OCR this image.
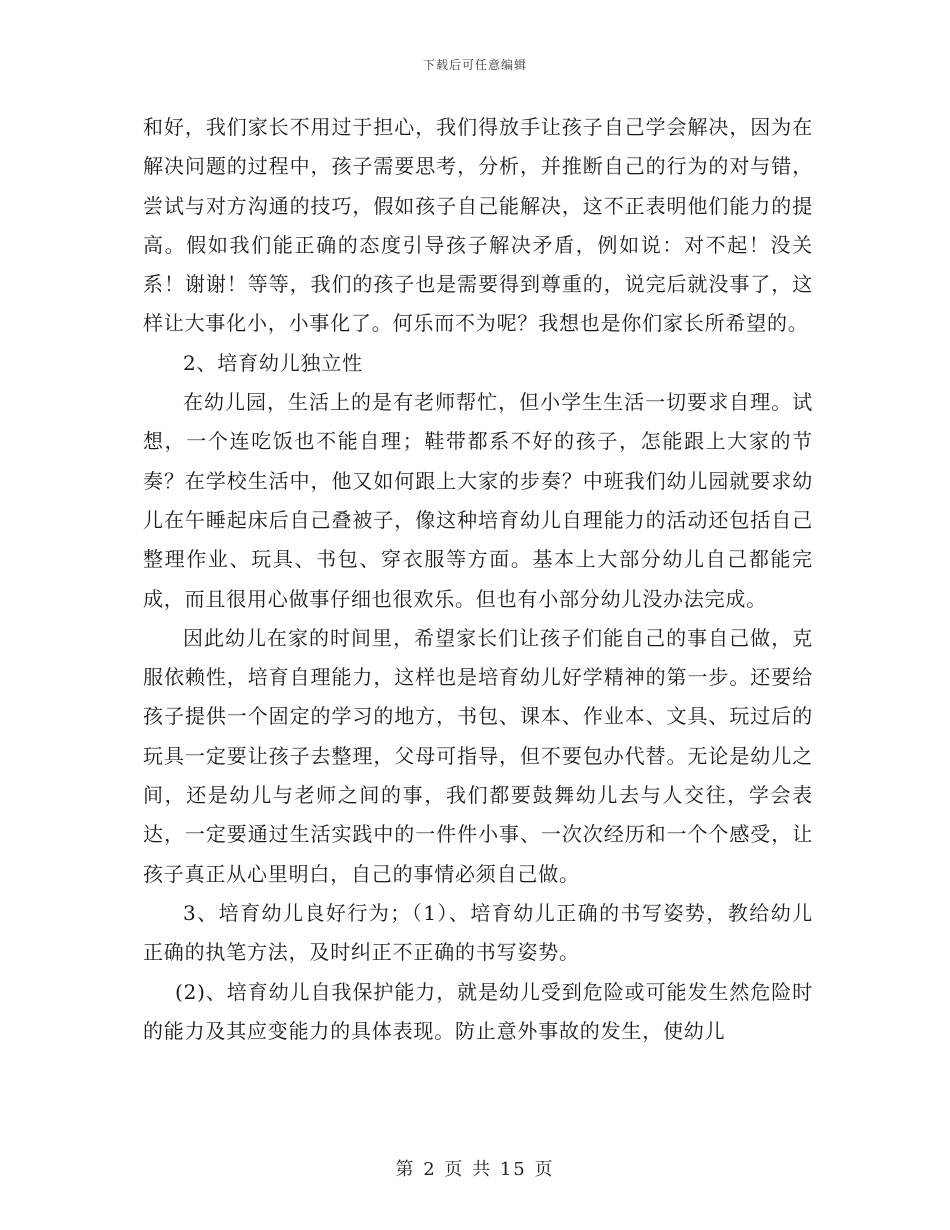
下载后可任意编辑

和好，我们家长不用过于担心，我们得放手让孩子自己学会解决，因为在解决问题的过程中，孩子需要思考，分析，并推断自己的行为的对与错，尝试与对方沟通的技巧，假如孩子自己能解决，这不正表明他们能力的提高。假如我们能正确的态度引导孩子解决矛盾，例如说：对不起！没关系！谢谢！等等，我们的孩子也是需要得到尊重的，说完后就没事了，这样让大事化小，小事化了。何乐而不为呢？我想也是你们家长所希望的。

2、培育幼儿独立性

在幼儿园，生活上的是有老师帮忙，但小学生生活一切要求自理。试想，一个连吃饭也不能自理；鞋带都系不好的孩子，怎能跟上大家的节奏？在学校生活中，他又如何跟上大家的步奏？中班我们幼儿园就要求幼儿在午睡起床后自己叠被子，像这种培育幼儿自理能力的活动还包括自己整理作业、玩具、书包、穿衣服等方面。基本上大部分幼儿自己都能完成，而且很用心做事仔细也很欢乐。但也有小部分幼儿没办法完成。

因此幼儿在家的时间里，希望家长们让孩子们能自己的事自己做，克服依赖性，培育自理能力，这样也是培育幼儿好学精神的第一步。还要给孩子提供一个固定的学习的地方，书包、课本、作业本、文具、玩过后的玩具一定要让孩子去整理，父母可指导，但不要包办代替。无论是幼儿之间，还是幼儿与老师之间的事，我们都要鼓舞幼儿去与人交往，学会表达，一定要通过生活实践中的一件件小事、一次次经历和一个个感受，让孩子真正从心里明白，自己的事情必须自己做。

3、培育幼儿良好行为；（1）、培育幼儿正确的书写姿势，教给幼儿正确的执笔方法，及时纠正不正确的书写姿势。

(2)、培育幼儿自我保护能力，就是幼儿受到危险或可能发生然危险时的能力及其应变能力的具体表现。防止意外事故的发生，使幼儿

第 2 页 共 15 页
